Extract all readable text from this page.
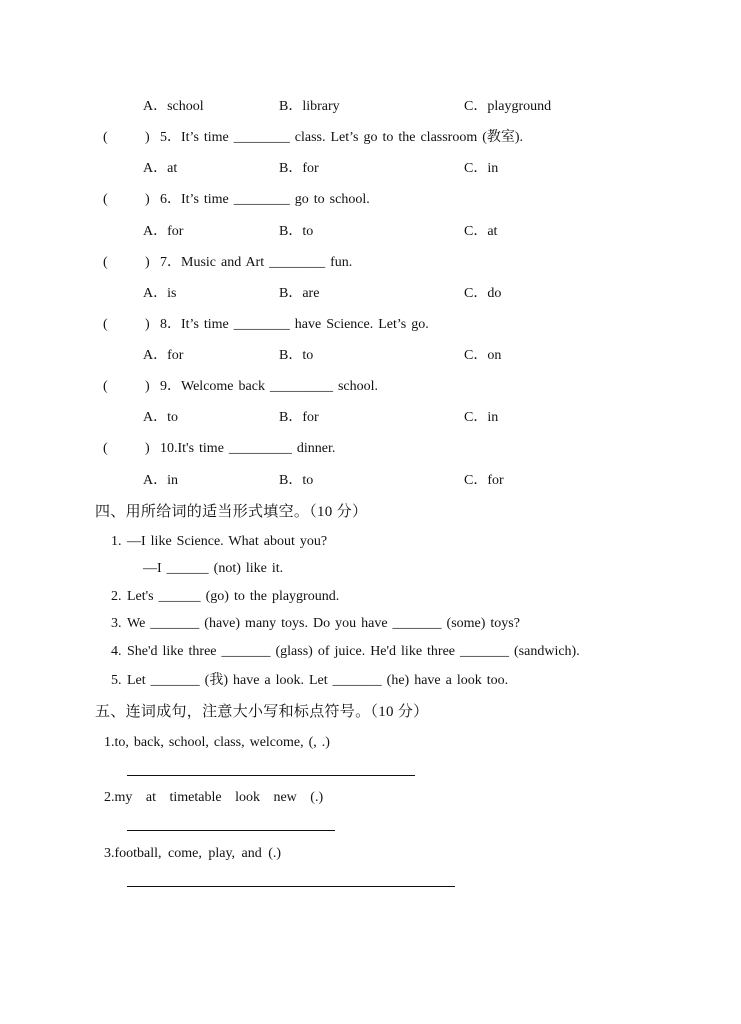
A．school

	B．library

	C．playground

(

	)

5．It’s time ________ class. Let’s go to the classroom (教室).

A．at

	B．for

	C．in

(

	)

6．It’s time ________ go to school.

A．for

	B．to

	C．at

(

	)

7．Music and Art ________ fun.

A．is

	B．are

	C．do

(

	)

8．It’s time ________ have Science. Let’s go.

A．for

	B．to

	C．on

(

	)

9．Welcome back _________ school.

A．to

	B．for

	C．in

(

	)

10.It's time _________ dinner.

A．in

	B．to

	C．for

四、用所给词的适当形式填空。（10 分）

1.

—I like Science. What about you?

—I ______ (not) like it.

2.

Let's ______ (go) to the playground.

3.

We _______ (have) many toys. Do you have _______ (some) toys?

4.

She'd like three _______ (glass) of juice. He'd like three _______ (sandwich).

5.

Let _______ (我) have a look. Let _______ (he) have a look too.

五、连词成句，注意大小写和标点符号。（10 分）

1.to, back, school, class, welcome, (, .)

2.my at timetable look new (.)

3.football, come, play, and (.)
